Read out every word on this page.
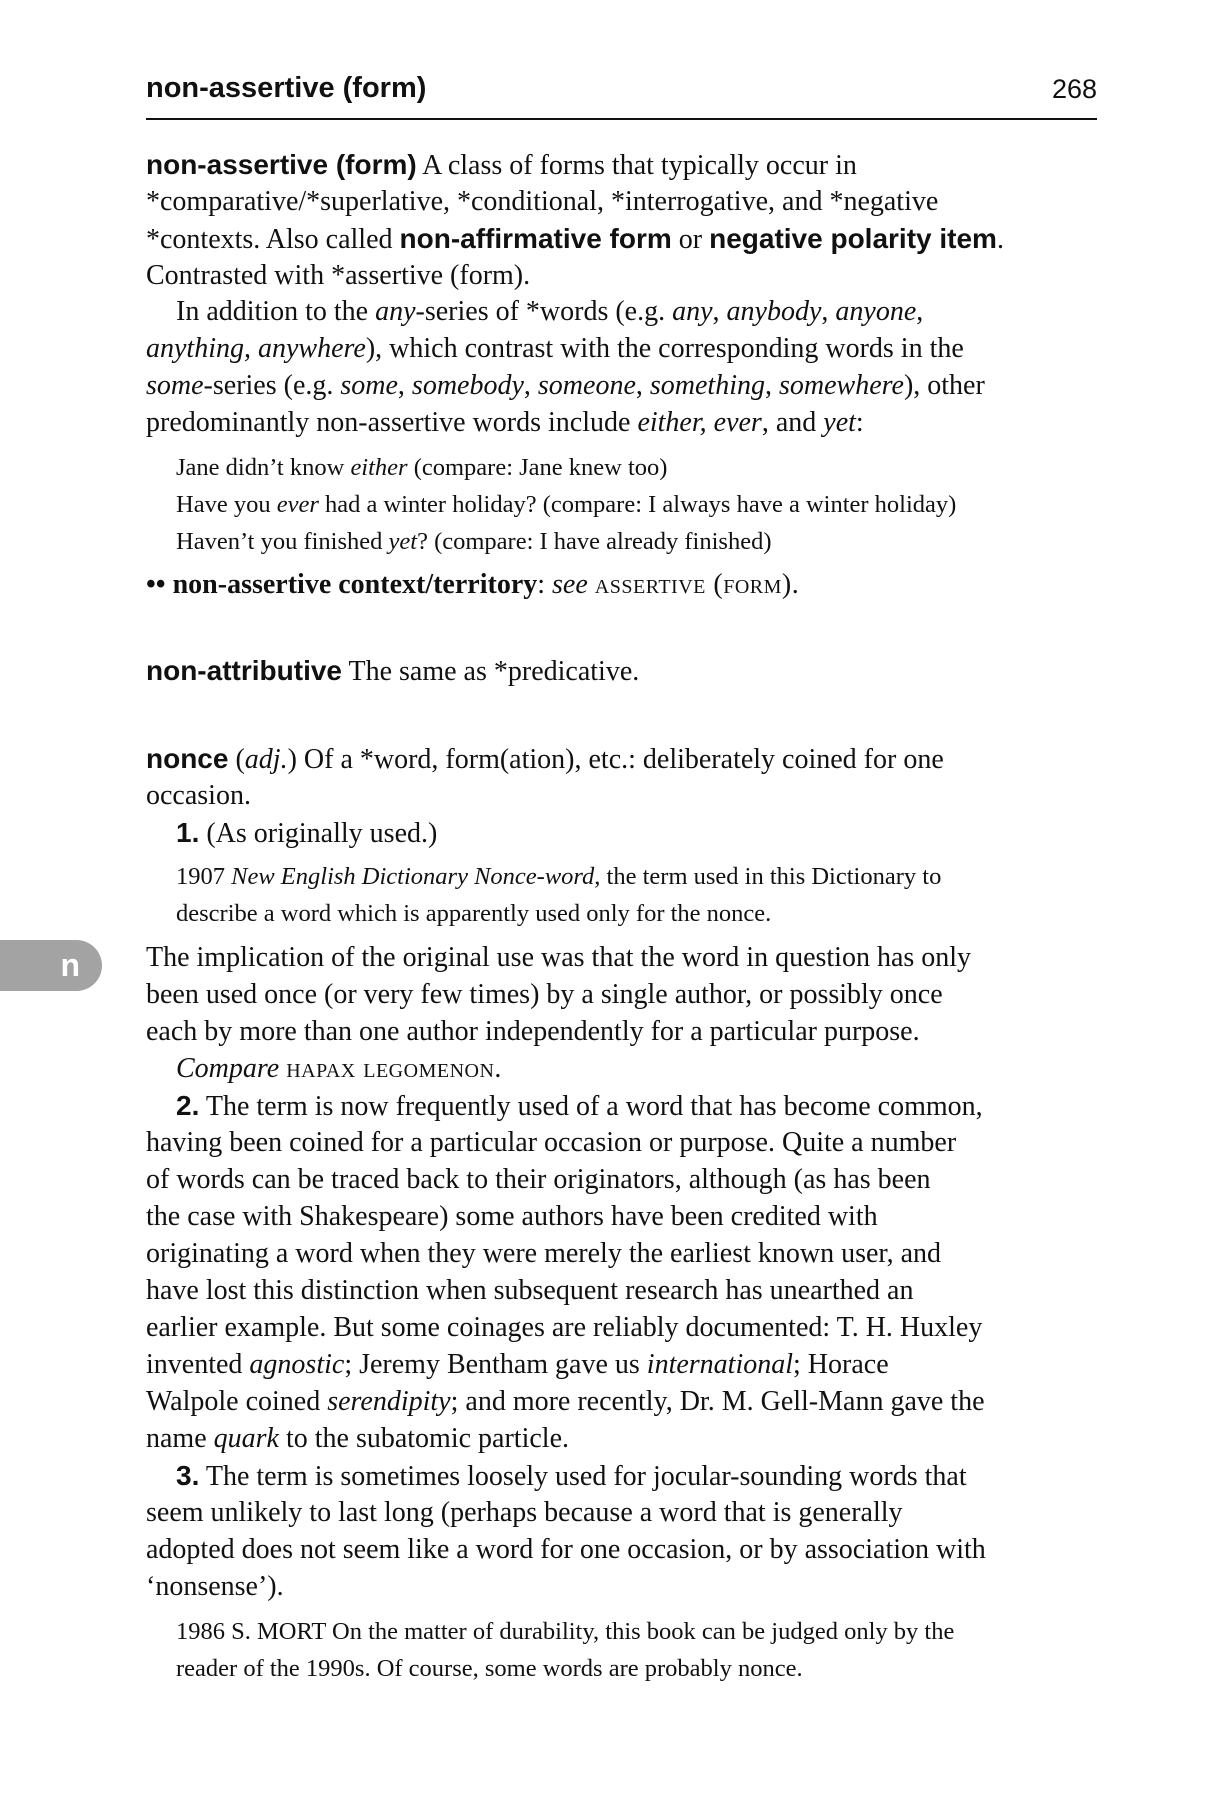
non-assertive (form)	268
n
non-assertive (form) A class of forms that typically occur in
*comparative/*superlative, *conditional, *interrogative, and *negative
*contexts. Also called non-affirmative form or negative polarity item.
Contrasted with *assertive (form).
In addition to the any-series of *words (e.g. any, anybody, anyone,
anything, anywhere), which contrast with the corresponding words in the
some-series (e.g. some, somebody, someone, something, somewhere), other
predominantly non-assertive words include either, ever, and yet:
Jane didn’t know either (compare: Jane knew too)
Have you ever had a winter holiday? (compare: I always have a winter holiday)
Haven’t you finished yet? (compare: I have already finished)
•• non-assertive context/territory: see assertive (form).
non-attributive The same as *predicative.
nonce (adj.) Of a *word, form(ation), etc.: deliberately coined for one
occasion.
1. (As originally used.)
1907 New English Dictionary Nonce-word, the term used in this Dictionary to
describe a word which is apparently used only for the nonce.
The implication of the original use was that the word in question has only
been used once (or very few times) by a single author, or possibly once
each by more than one author independently for a particular purpose.
Compare hapax legomenon.
2. The term is now frequently used of a word that has become common,
having been coined for a particular occasion or purpose. Quite a number
of words can be traced back to their originators, although (as has been
the case with Shakespeare) some authors have been credited with
originating a word when they were merely the earliest known user, and
have lost this distinction when subsequent research has unearthed an
earlier example. But some coinages are reliably documented: T. H. Huxley
invented agnostic; Jeremy Bentham gave us international; Horace
Walpole coined serendipity; and more recently, Dr. M. Gell-Mann gave the
name quark to the subatomic particle.
3. The term is sometimes loosely used for jocular-sounding words that
seem unlikely to last long (perhaps because a word that is generally
adopted does not seem like a word for one occasion, or by association with
‘nonsense’).
1986 S. MORT On the matter of durability, this book can be judged only by the
reader of the 1990s. Of course, some words are probably nonce.
